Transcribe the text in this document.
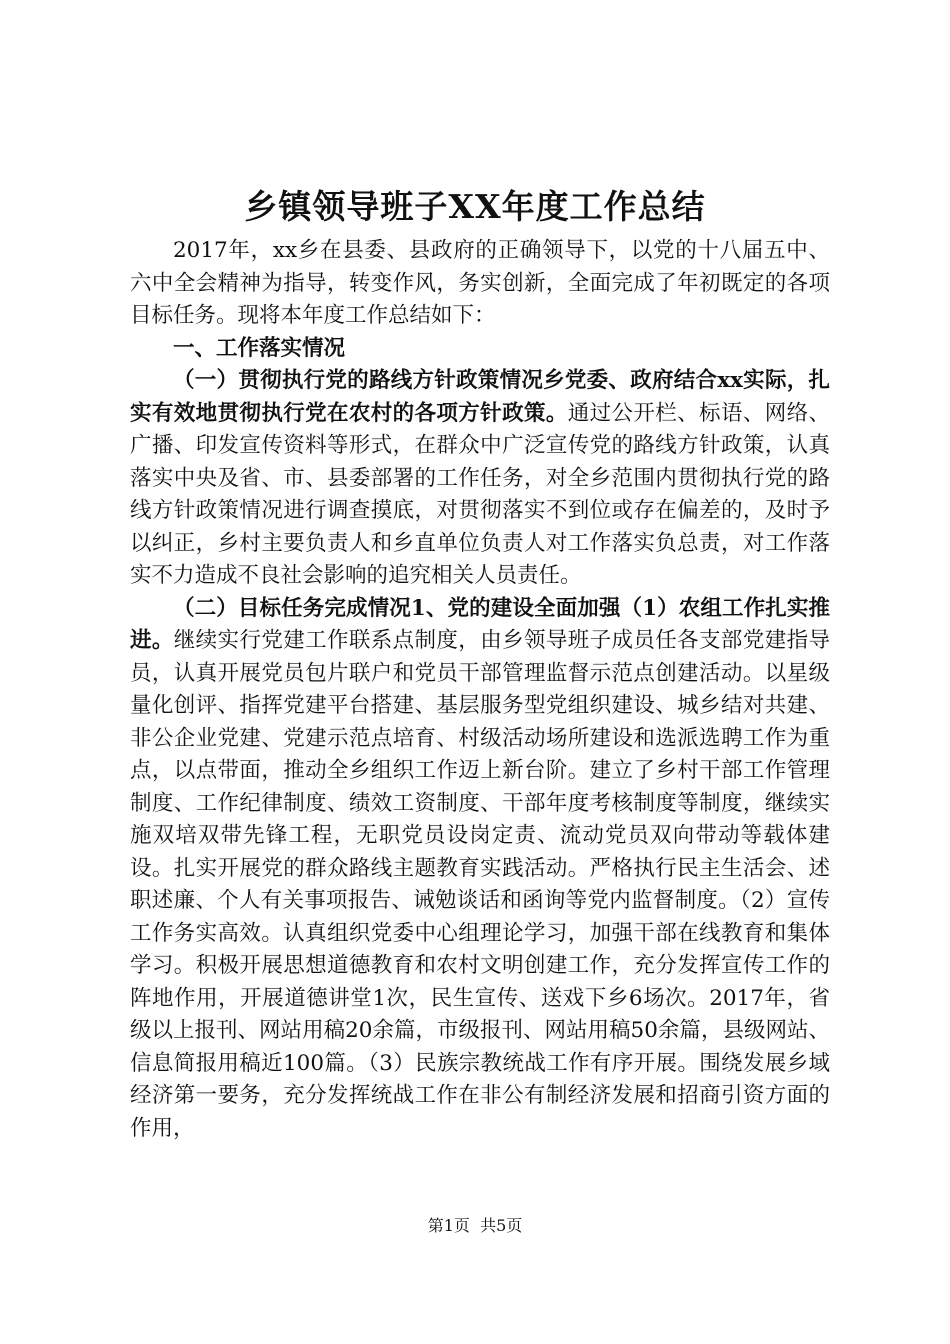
乡镇领导班子XX年度工作总结

2017年，xx乡在县委、县政府的正确领导下，以党的十八届五中、六中全会精神为指导，转变作风，务实创新，全面完成了年初既定的各项目标任务。现将本年度工作总结如下：

一、工作落实情况

（一）贯彻执行党的路线方针政策情况乡党委、政府结合xx实际，扎实有效地贯彻执行党在农村的各项方针政策。通过公开栏、标语、网络、广播、印发宣传资料等形式，在群众中广泛宣传党的路线方针政策，认真落实中央及省、市、县委部署的工作任务，对全乡范围内贯彻执行党的路线方针政策情况进行调查摸底，对贯彻落实不到位或存在偏差的，及时予以纠正，乡村主要负责人和乡直单位负责人对工作落实负总责，对工作落实不力造成不良社会影响的追究相关人员责任。

（二）目标任务完成情况1、党的建设全面加强（1）农组工作扎实推进。继续实行党建工作联系点制度，由乡领导班子成员任各支部党建指导员，认真开展党员包片联户和党员干部管理监督示范点创建活动。以星级量化创评、指挥党建平台搭建、基层服务型党组织建设、城乡结对共建、非公企业党建、党建示范点培育、村级活动场所建设和选派选聘工作为重点，以点带面，推动全乡组织工作迈上新台阶。建立了乡村干部工作管理制度、工作纪律制度、绩效工资制度、干部年度考核制度等制度，继续实施双培双带先锋工程，无职党员设岗定责、流动党员双向带动等载体建设。扎实开展党的群众路线主题教育实践活动。严格执行民主生活会、述职述廉、个人有关事项报告、诫勉谈话和函询等党内监督制度。（2）宣传工作务实高效。认真组织党委中心组理论学习，加强干部在线教育和集体学习。积极开展思想道德教育和农村文明创建工作，充分发挥宣传工作的阵地作用，开展道德讲堂1次，民生宣传、送戏下乡6场次。2017年，省级以上报刊、网站用稿20余篇，市级报刊、网站用稿50余篇，县级网站、信息简报用稿近100篇。（3）民族宗教统战工作有序开展。围绕发展乡域经济第一要务，充分发挥统战工作在非公有制经济发展和招商引资方面的作用，

第1页  共5页
